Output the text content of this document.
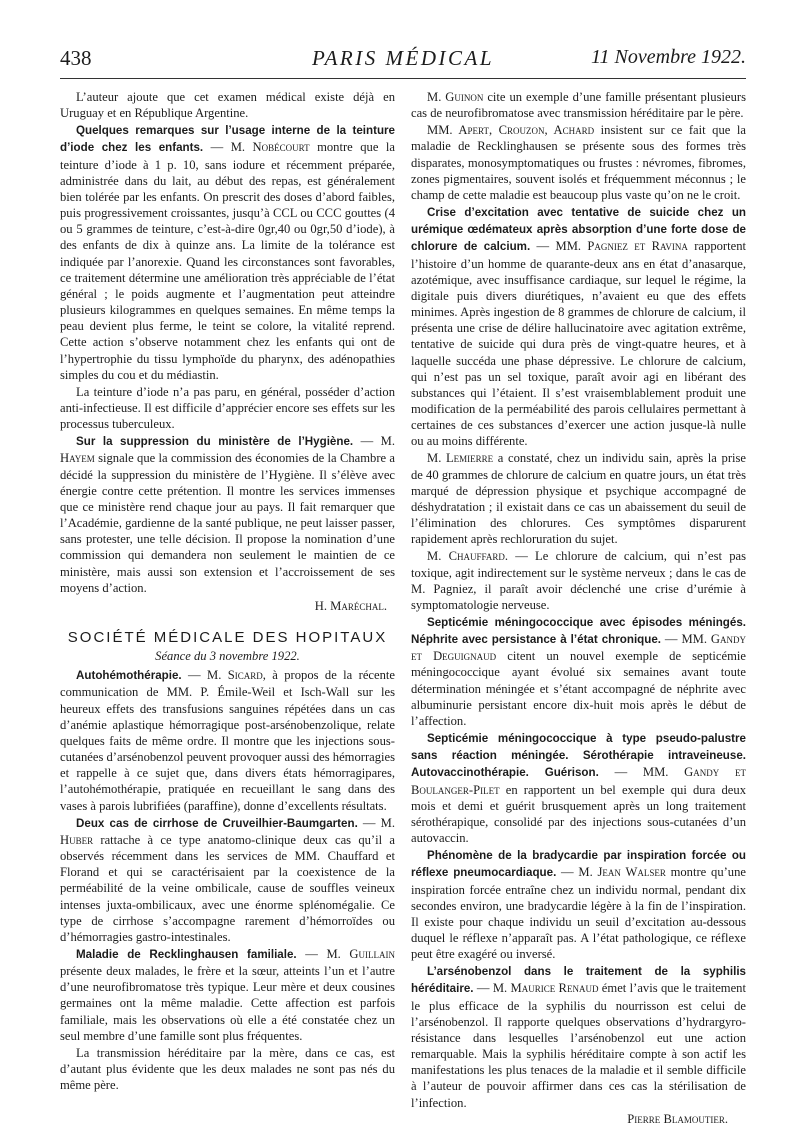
438	PARIS MÉDICAL	11 Novembre 1922.

L’auteur ajoute que cet examen médical existe déjà en Uruguay et en République Argentine.

Quelques remarques sur l’usage interne de la teinture d’iode chez les enfants. — M. Nobécourt montre que la teinture d’iode à 1 p. 10, sans iodure et récemment préparée, administrée dans du lait, au début des repas, est généralement bien tolérée par les enfants. On prescrit des doses d’abord faibles, puis progressivement croissantes, jusqu’à CCL ou CCC gouttes (4 ou 5 grammes de teinture, c’est-à-dire 0gr,40 ou 0gr,50 d’iode), à des enfants de dix à quinze ans. La limite de la tolérance est indiquée par l’anorexie. Quand les circonstances sont favorables, ce traitement détermine une amélioration très appréciable de l’état général ; le poids augmente et l’augmentation peut atteindre plusieurs kilogrammes en quelques semaines. En même temps la peau devient plus ferme, le teint se colore, la vitalité reprend. Cette action s’observe notamment chez les enfants qui ont de l’hypertrophie du tissu lymphoïde du pharynx, des adénopathies simples du cou et du médiastin.

La teinture d’iode n’a pas paru, en général, posséder d’action anti-infectieuse. Il est difficile d’apprécier encore ses effets sur les processus tuberculeux.

Sur la suppression du ministère de l’Hygiène. — M. Hayem signale que la commission des économies de la Chambre a décidé la suppression du ministère de l’Hygiène. Il s’élève avec énergie contre cette prétention. Il montre les services immenses que ce ministère rend chaque jour au pays. Il fait remarquer que l’Académie, gardienne de la santé publique, ne peut laisser passer, sans protester, une telle décision. Il propose la nomination d’une commission qui demandera non seulement le maintien de ce ministère, mais aussi son extension et l’accroissement de ses moyens d’action.

H. Maréchal.
SOCIÉTÉ MÉDICALE DES HOPITAUX
Séance du 3 novembre 1922.

Autohémothérapie. — M. Sicard, à propos de la récente communication de MM. P. Émile-Weil et Isch-Wall sur les heureux effets des transfusions sanguines répétées dans un cas d’anémie aplastique hémorragique post-arsénobenzolique, relate quelques faits de même ordre. Il montre que les injections sous-cutanées d’arsénobenzol peuvent provoquer aussi des hémorragies et rappelle à ce sujet que, dans divers états hémorragipares, l’autohémothérapie, pratiquée en recueillant le sang dans des vases à parois lubrifiées (paraffine), donne d’excellents résultats.

Deux cas de cirrhose de Cruveilhier-Baumgarten. — M. Huber rattache à ce type anatomo-clinique deux cas qu’il a observés récemment dans les services de MM. Chauffard et Florand et qui se caractérisaient par la coexistence de la perméabilité de la veine ombilicale, cause de souffles veineux intenses juxta-ombilicaux, avec une énorme splénomégalie. Ce type de cirrhose s’accompagne rarement d’hémorroïdes ou d’hémorragies gastro-intestinales.

Maladie de Recklinghausen familiale. — M. Guillain présente deux malades, le frère et la sœur, atteints l’un et l’autre d’une neurofibromatose très typique. Leur mère et deux cousines germaines ont la même maladie. Cette affection est parfois familiale, mais les observations où elle a été constatée chez un seul membre d’une famille sont plus fréquentes.

La transmission héréditaire par la mère, dans ce cas, est d’autant plus évidente que les deux malades ne sont pas nés du même père.

M. Guinon cite un exemple d’une famille présentant plusieurs cas de neurofibromatose avec transmission héréditaire par le père.

MM. Apert, Crouzon, Achard insistent sur ce fait que la maladie de Recklinghausen se présente sous des formes très disparates, monosymptomatiques ou frustes : névromes, fibromes, zones pigmentaires, souvent isolés et fréquemment méconnus ; le champ de cette maladie est beaucoup plus vaste qu’on ne le croit.

Crise d’excitation avec tentative de suicide chez un urémique œdémateux après absorption d’une forte dose de chlorure de calcium. — MM. Pagniez et Ravina rapportent l’histoire d’un homme de quarante-deux ans en état d’anasarque, azotémique, avec insuffisance cardiaque, sur lequel le régime, la digitale puis divers diurétiques, n’avaient eu que des effets minimes. Après ingestion de 8 grammes de chlorure de calcium, il présenta une crise de délire hallucinatoire avec agitation extrême, tentative de suicide qui dura près de vingt-quatre heures, et à laquelle succéda une phase dépressive. Le chlorure de calcium, qui n’est pas un sel toxique, paraît avoir agi en libérant des substances qui l’étaient. Il s’est vraisemblablement produit une modification de la perméabilité des parois cellulaires permettant à certaines de ces substances d’exercer une action jusque-là nulle ou au moins différente.

M. Lemierre a constaté, chez un individu sain, après la prise de 40 grammes de chlorure de calcium en quatre jours, un état très marqué de dépression physique et psychique accompagné de déshydratation ; il existait dans ce cas un abaissement du seuil de l’élimination des chlorures. Ces symptômes disparurent rapidement après rechloruration du sujet.

M. Chauffard. — Le chlorure de calcium, qui n’est pas toxique, agit indirectement sur le système nerveux ; dans le cas de M. Pagniez, il paraît avoir déclenché une crise d’urémie à symptomatologie nerveuse.

Septicémie méningococcique avec épisodes méningés. Néphrite avec persistance à l’état chronique. — MM. Gandy et Deguignaud citent un nouvel exemple de septicémie méningococcique ayant évolué six semaines avant toute détermination méningée et s’étant accompagné de néphrite avec albuminurie persistant encore dix-huit mois après le début de l’affection.

Septicémie méningococcique à type pseudo-palustre sans réaction méningée. Sérothérapie intraveineuse. Autovaccinothérapie. Guérison. — MM. Gandy et Boulanger-Pilet en rapportent un bel exemple qui dura deux mois et demi et guérit brusquement après un long traitement sérothérapique, consolidé par des injections sous-cutanées d’un autovaccin.

Phénomène de la bradycardie par inspiration forcée ou réflexe pneumocardiaque. — M. Jean Walser montre qu’une inspiration forcée entraîne chez un individu normal, pendant dix secondes environ, une bradycardie légère à la fin de l’inspiration. Il existe pour chaque individu un seuil d’excitation au-dessous duquel le réflexe n’apparaît pas. A l’état pathologique, ce réflexe peut être exagéré ou inversé.

L’arsénobenzol dans le traitement de la syphilis héréditaire. — M. Maurice Renaud émet l’avis que le traitement le plus efficace de la syphilis du nourrisson est celui de l’arsénobenzol. Il rapporte quelques observations d’hydrargyro-résistance dans lesquelles l’arsénobenzol eut une action remarquable. Mais la syphilis héréditaire compte à son actif les manifestations les plus tenaces de la maladie et il semble difficile à l’auteur de pouvoir affirmer dans ces cas la stérilisation de l’infection.

Pierre Blamoutier.
